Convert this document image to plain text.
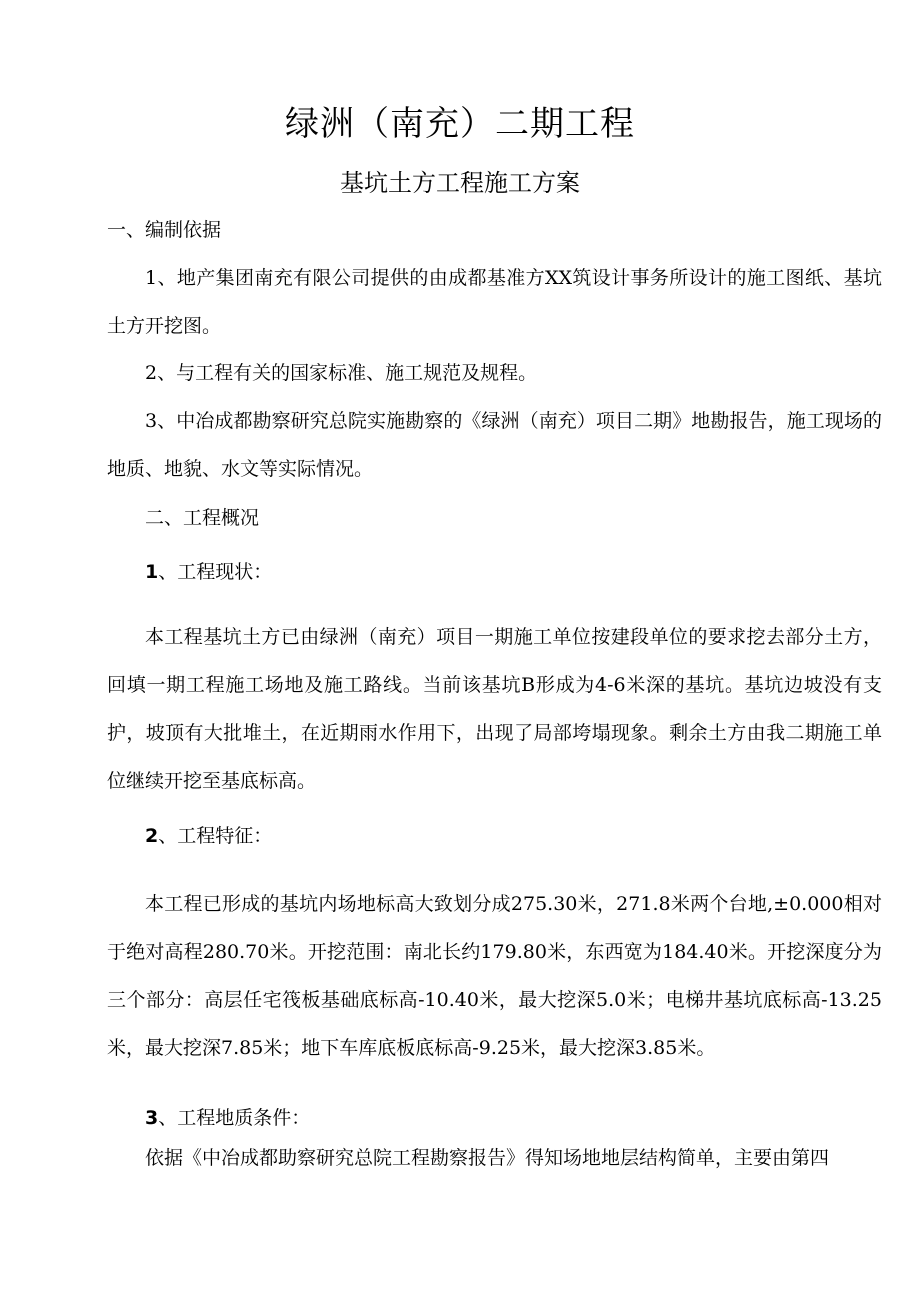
绿洲（南充）二期工程
基坑土方工程施工方案

一、编制依据

1、地产集团南充有限公司提供的由成都基准方XX筑设计事务所设计的施工图纸、基坑土方开挖图。

2、与工程有关的国家标准、施工规范及规程。

3、中冶成都勘察研究总院实施勘察的《绿洲（南充）项目二期》地勘报告，施工现场的地质、地貌、水文等实际情况。

二、工程概况

1、工程现状：

本工程基坑土方已由绿洲（南充）项目一期施工单位按建段单位的要求挖去部分土方，回填一期工程施工场地及施工路线。当前该基坑B形成为4-6米深的基坑。基坑边坡没有支护，坡顶有大批堆土，在近期雨水作用下，出现了局部垮塌现象。剩余土方由我二期施工单位继续开挖至基底标高。

2、工程特征：

本工程已形成的基坑内场地标高大致划分成275.30米，271.8米两个台地,±0.000相对于绝对高程280.70米。开挖范围：南北长约179.80米，东西宽为184.40米。开挖深度分为三个部分：高层任宅筏板基础底标高-10.40米，最大挖深5.0米；电梯井基坑底标高-13.25米，最大挖深7.85米；地下车库底板底标高-9.25米，最大挖深3.85米。

3、工程地质条件：

依据《中冶成都助察研究总院工程勘察报告》得知场地地层结构简单，主要由第四
